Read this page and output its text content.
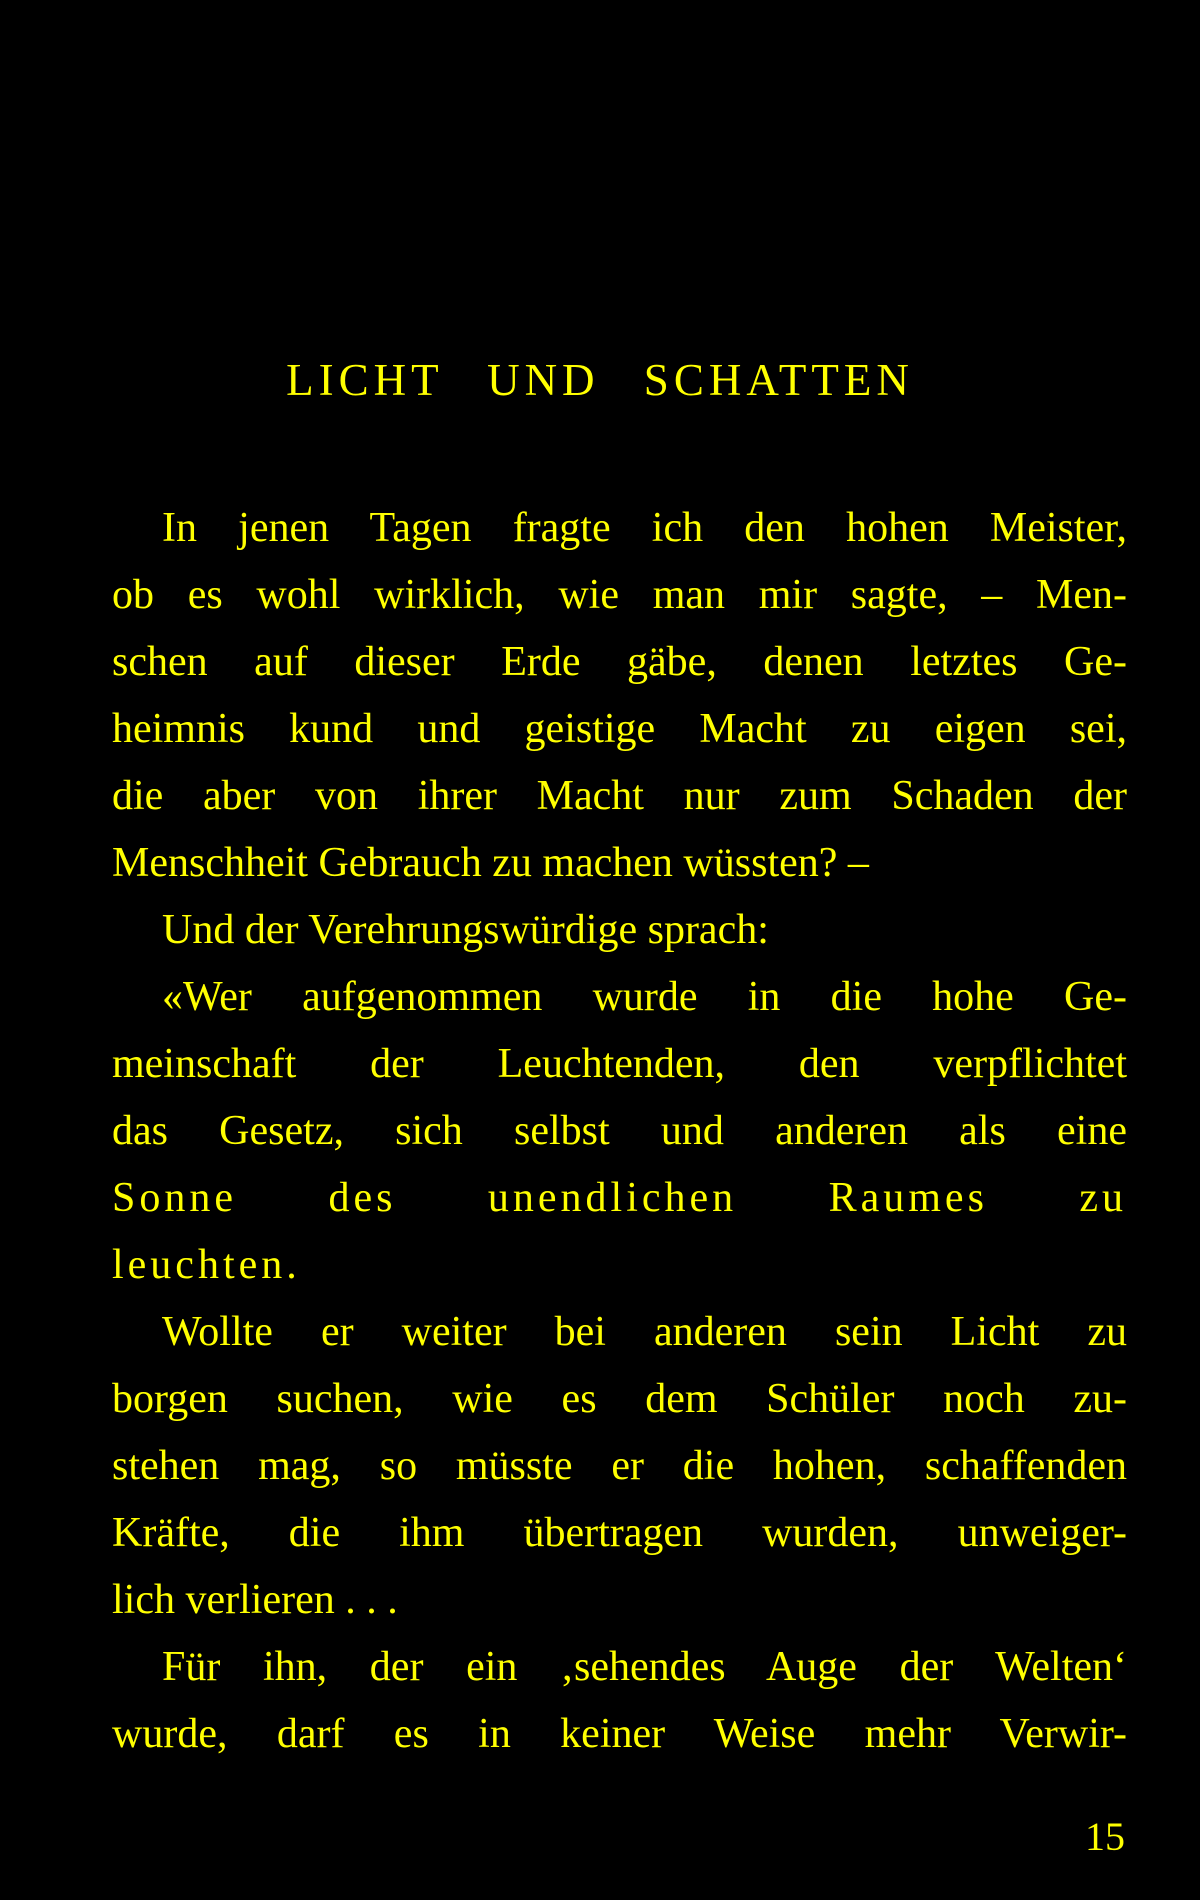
LICHT UND SCHATTEN
In jenen Tagen fragte ich den hohen Meister,
ob es wohl wirklich, wie man mir sagte, – Men-
schen auf dieser Erde gäbe, denen letztes Ge-
heimnis kund und geistige Macht zu eigen sei,
die aber von ihrer Macht nur zum Schaden der
Menschheit Gebrauch zu machen wüssten? –
Und der Verehrungswürdige sprach:
«Wer aufgenommen wurde in die hohe Ge-
meinschaft der Leuchtenden, den verpflichtet
das Gesetz, sich selbst und anderen als eine
Sonne des unendlichen Raumes zu
leuchten.
Wollte er weiter bei anderen sein Licht zu
borgen suchen, wie es dem Schüler noch zu-
stehen mag, so müsste er die hohen, schaffenden
Kräfte, die ihm übertragen wurden, unweiger-
lich verlieren . . .
Für ihn, der ein ‚sehendes Auge der Welten‘
wurde, darf es in keiner Weise mehr Verwir-
15
